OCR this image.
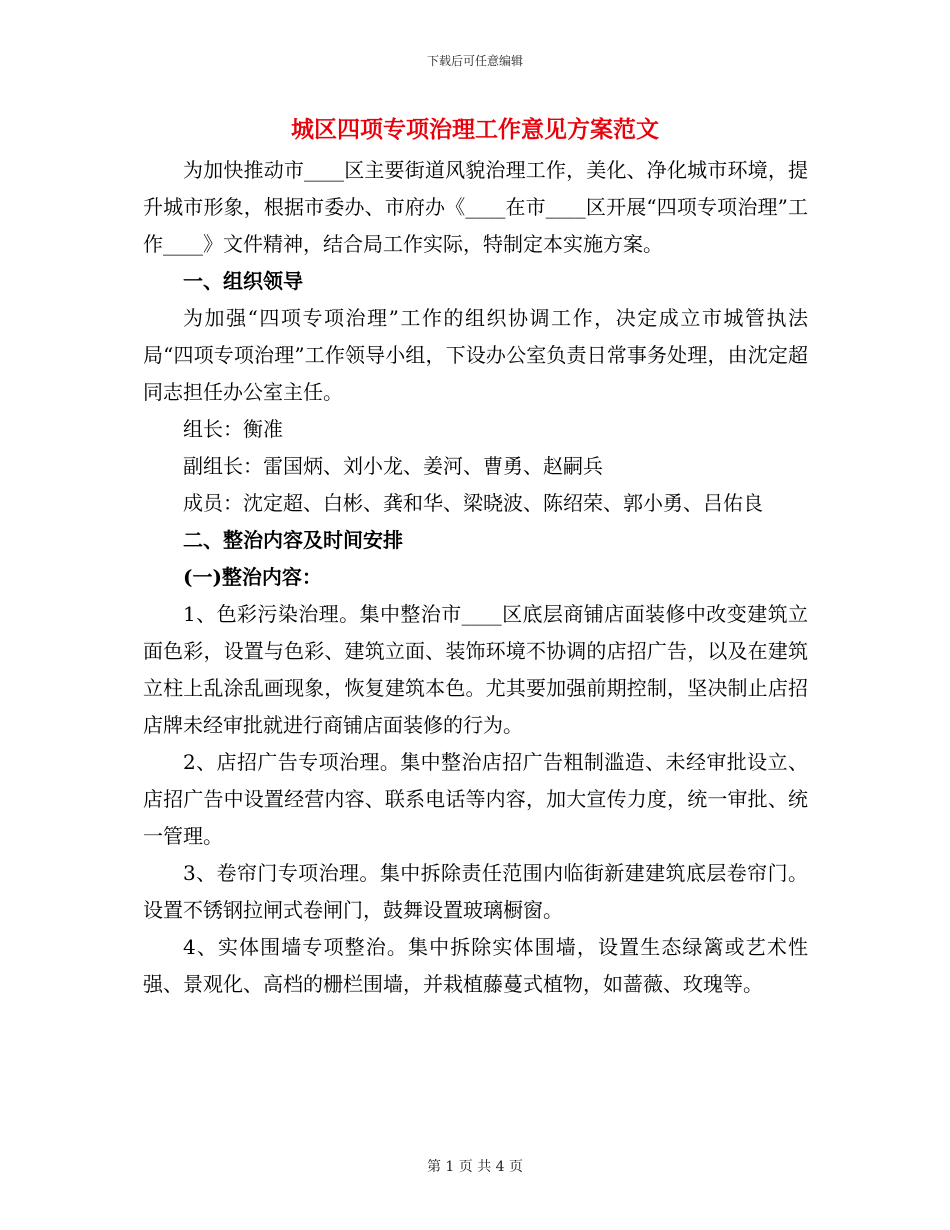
下载后可任意编辑
城区四项专项治理工作意见方案范文

为加快推动市____区主要街道风貌治理工作，美化、净化城市环境，提升城市形象，根据市委办、市府办《____在市____区开展“四项专项治理”工作____》文件精神，结合局工作实际，特制定本实施方案。

一、组织领导

为加强“四项专项治理”工作的组织协调工作，决定成立市城管执法局“四项专项治理”工作领导小组，下设办公室负责日常事务处理，由沈定超同志担任办公室主任。

组长：衡准

副组长：雷国炳、刘小龙、姜河、曹勇、赵嗣兵

成员：沈定超、白彬、龚和华、梁晓波、陈绍荣、郭小勇、吕佑良

二、整治内容及时间安排

(一)整治内容：

1、色彩污染治理。集中整治市____区底层商铺店面装修中改变建筑立面色彩，设置与色彩、建筑立面、装饰环境不协调的店招广告，以及在建筑立柱上乱涂乱画现象，恢复建筑本色。尤其要加强前期控制，坚决制止店招店牌未经审批就进行商铺店面装修的行为。

2、店招广告专项治理。集中整治店招广告粗制滥造、未经审批设立、店招广告中设置经营内容、联系电话等内容，加大宣传力度，统一审批、统一管理。

3、卷帘门专项治理。集中拆除责任范围内临街新建建筑底层卷帘门。设置不锈钢拉闸式卷闸门，鼓舞设置玻璃橱窗。

4、实体围墙专项整治。集中拆除实体围墙，设置生态绿篱或艺术性强、景观化、高档的栅栏围墙，并栽植藤蔓式植物，如蔷薇、玫瑰等。

第 1 页 共 4 页
